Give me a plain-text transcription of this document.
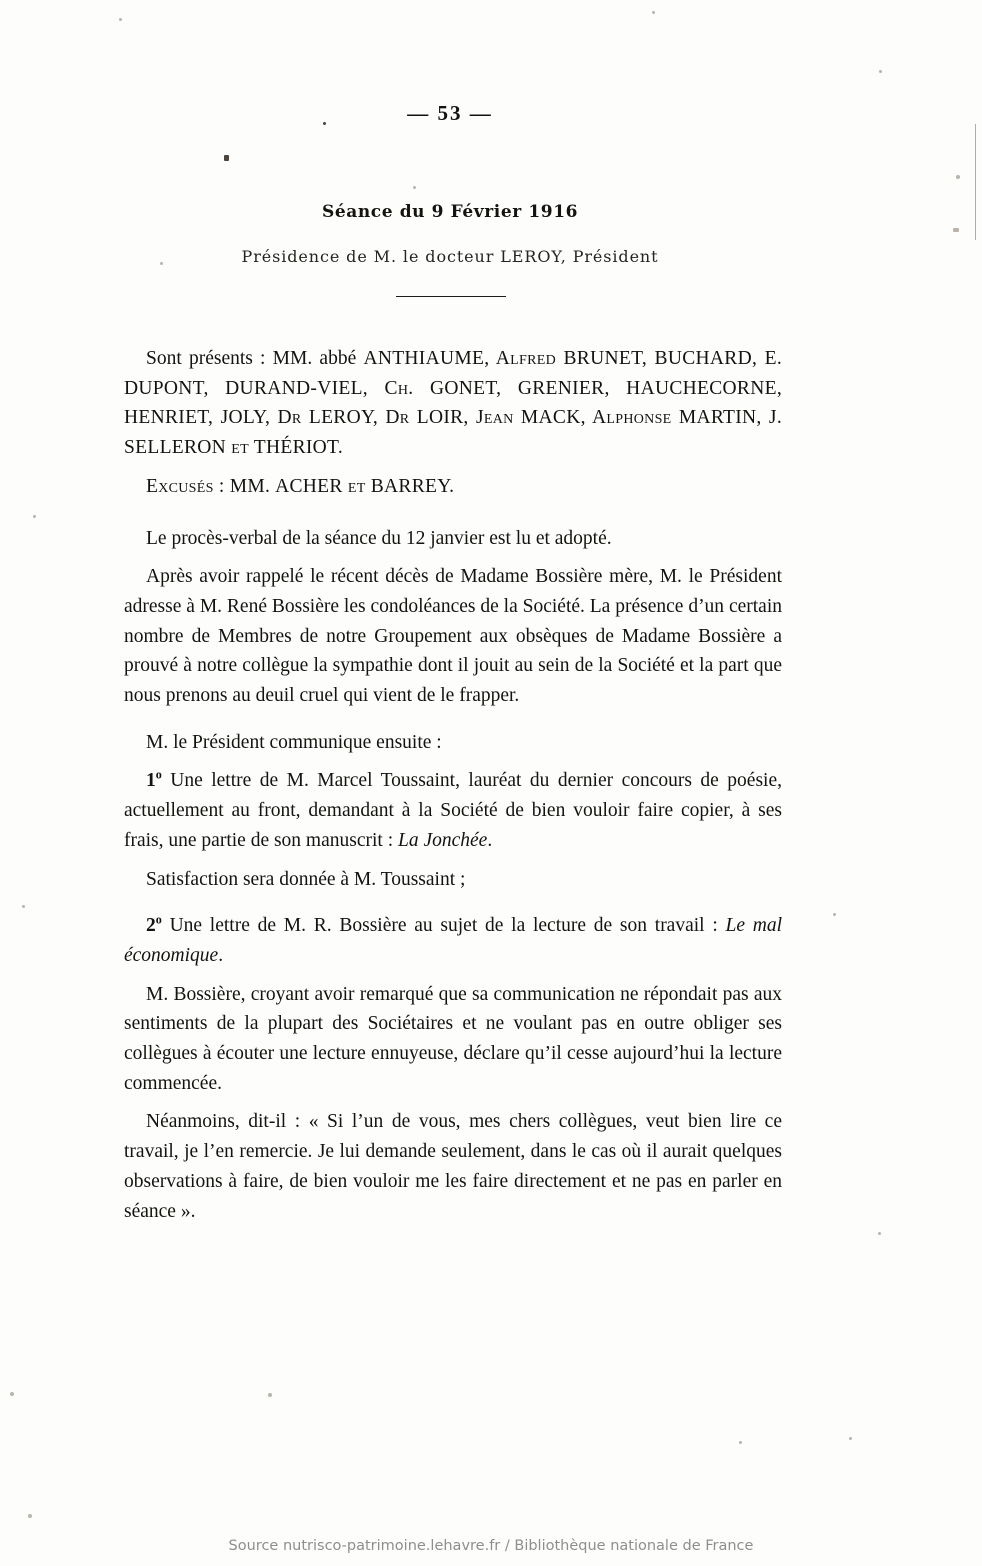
— 53 —
Séance du 9 Février 1916
Présidence de M. le docteur LEROY, Président

Sont présents : MM. abbé ANTHIAUME, Alfred BRUNET, BUCHARD, E. DUPONT, DURAND-VIEL, Ch. GONET, GRENIER, HAUCHECORNE, HENRIET, JOLY, Dr LEROY, Dr LOIR, Jean MACK, Alphonse MARTIN, J. SELLERON et THÉRIOT.

Excusés : MM. ACHER et BARREY.

Le procès-verbal de la séance du 12 janvier est lu et adopté.

Après avoir rappelé le récent décès de Madame Bossière mère, M. le Président adresse à M. René Bossière les condoléances de la Société. La présence d’un certain nombre de Membres de notre Groupement aux obsèques de Madame Bossière a prouvé à notre collègue la sympathie dont il jouit au sein de la Société et la part que nous prenons au deuil cruel qui vient de le frapper.

M. le Président communique ensuite :

1$^o$ Une lettre de M. Marcel Toussaint, lauréat du dernier concours de poésie, actuellement au front, demandant à la Société de bien vouloir faire copier, à ses frais, une partie de son manuscrit : La Jonchée.

Satisfaction sera donnée à M. Toussaint ;

2$^o$ Une lettre de M. R. Bossière au sujet de la lecture de son travail : Le mal économique.

M. Bossière, croyant avoir remarqué que sa communication ne répondait pas aux sentiments de la plupart des Sociétaires et ne voulant pas en outre obliger ses collègues à écouter une lecture ennuyeuse, déclare qu’il cesse aujourd’hui la lecture commencée.

Néanmoins, dit-il : « Si l’un de vous, mes chers collègues, veut bien lire ce travail, je l’en remercie. Je lui demande seulement, dans le cas où il aurait quelques observations à faire, de bien vouloir me les faire directement et ne pas en parler en séance ».

Source nutrisco-patrimoine.lehavre.fr / Bibliothèque nationale de France
